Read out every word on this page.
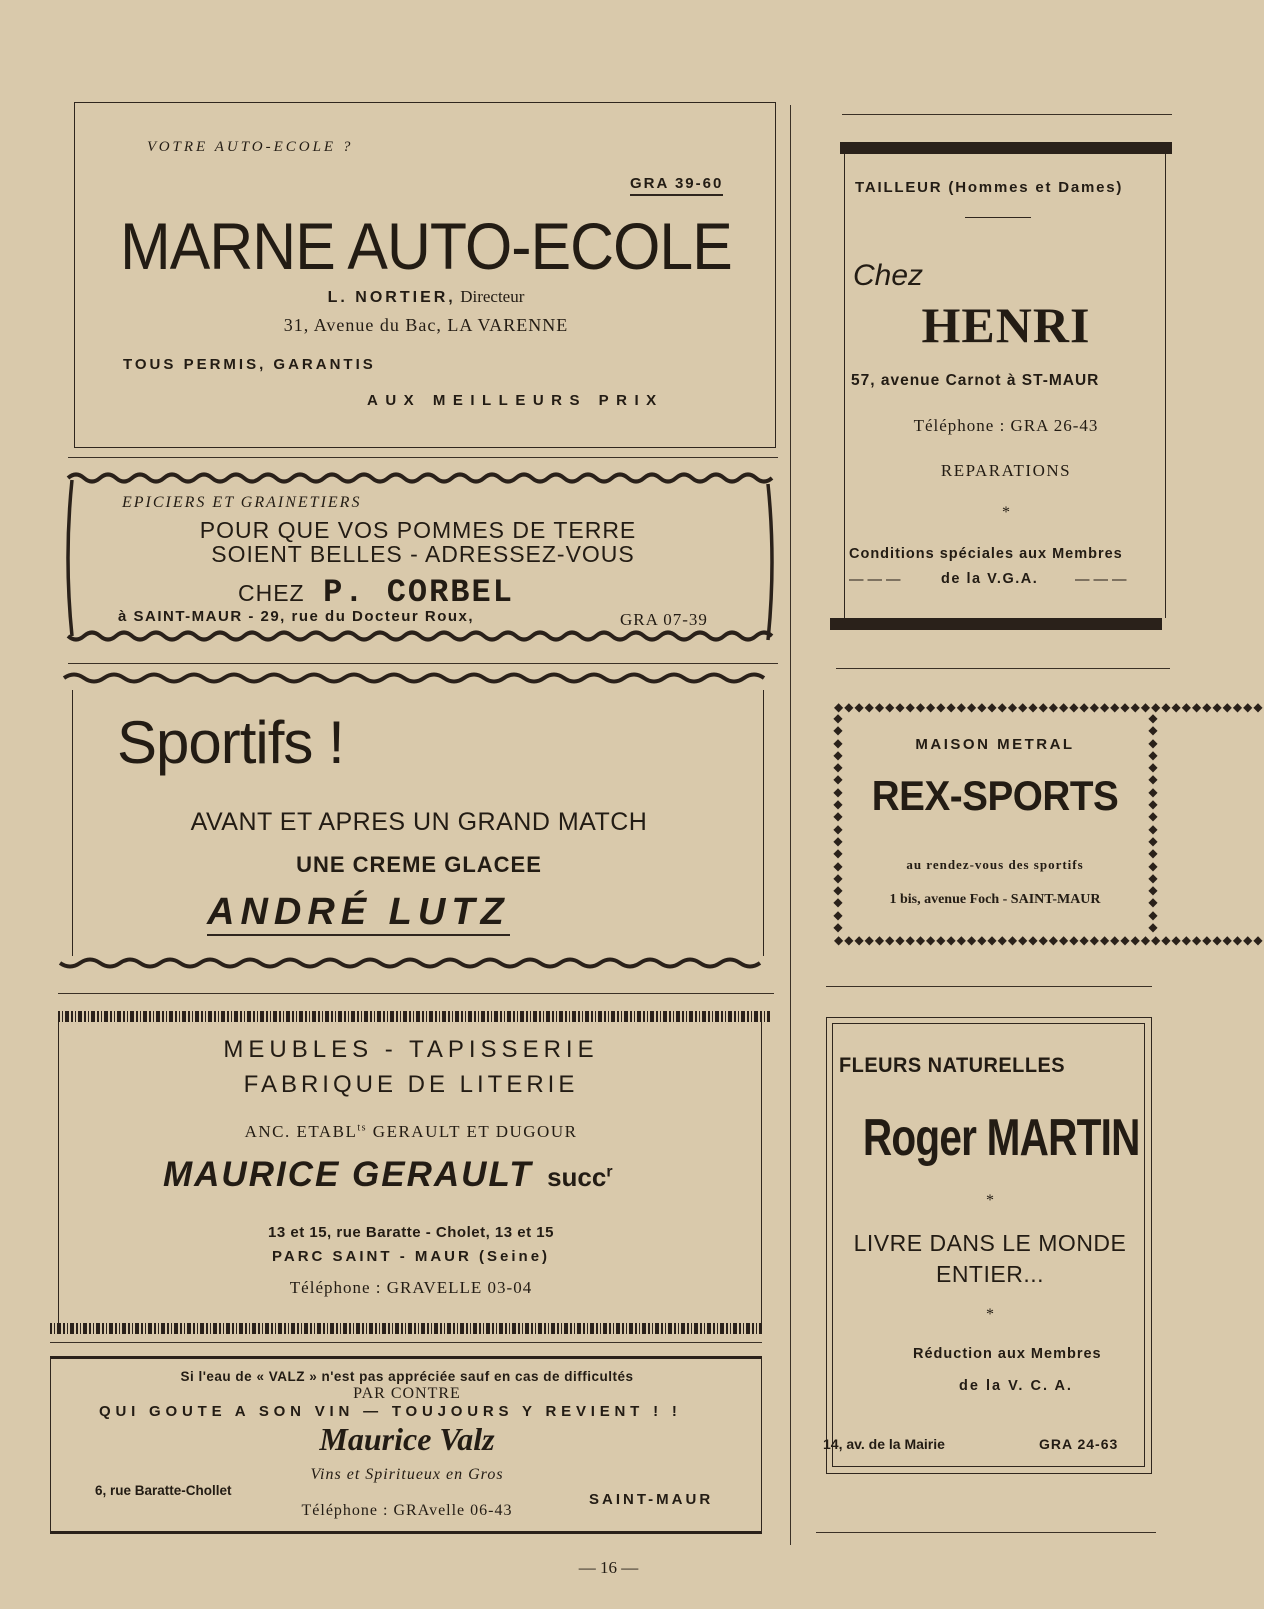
VOTRE AUTO-ECOLE ?
GRA 39-60
MARNE AUTO-ECOLE
L. NORTIER, Directeur
31, Avenue du Bac, LA VARENNE
TOUS PERMIS, GARANTIS
AUX MEILLEURS PRIX
EPICIERS ET GRAINETIERS
POUR QUE VOS POMMES DE TERRE
SOIENT BELLES - ADRESSEZ-VOUS
CHEZ P. CORBEL
à SAINT-MAUR - 29, rue du Docteur Roux,	GRA 07-39
Sportifs !
AVANT ET APRES UN GRAND MATCH
UNE CREME GLACEE
ANDRÉ LUTZ
MEUBLES - TAPISSERIE
FABRIQUE DE LITERIE
ANC. $ETABL^{ts}$ GERAULT ET DUGOUR
MAURICE GERAULT succ$^r$
13 et 15, rue Baratte - Cholet, 13 et 15
PARC SAINT - MAUR (Seine)
Téléphone : GRAVELLE 03-04
Si l'eau de « VALZ » n'est pas appréciée sauf en cas de difficultés
PAR CONTRE
QUI GOUTE A SON VIN — TOUJOURS Y REVIENT ! !
Maurice Valz
Vins et Spiritueux en Gros
6, rue Baratte-Chollet
SAINT-MAUR
Téléphone : GRAvelle 06-43
TAILLEUR (Hommes et Dames)
Chez
HENRI
57, avenue Carnot à ST-MAUR
Téléphone : GRA 26-43
REPARATIONS
*
Conditions spéciales aux Membres
— — —	de la V.G.A.	— — —
◆◆◆◆◆◆◆◆◆◆◆◆◆◆◆◆◆◆◆◆◆◆◆◆◆◆◆◆◆◆◆◆◆◆◆◆◆◆◆◆◆◆
◆
◆
◆
◆
◆
◆
◆
◆
◆
◆
◆
◆
◆
◆
◆
◆
◆
◆
◆
◆
◆
◆
◆
◆
◆
◆
◆
◆
◆
◆
◆
◆
◆
◆
◆
◆
◆◆◆◆◆◆◆◆◆◆◆◆◆◆◆◆◆◆◆◆◆◆◆◆◆◆◆◆◆◆◆◆◆◆◆◆◆◆◆◆◆◆
MAISON METRAL
REX-SPORTS
au rendez-vous des sportifs
1 bis, avenue Foch - SAINT-MAUR
FLEURS NATURELLES
Roger MARTIN
*
LIVRE DANS LE MONDE
ENTIER...
*
Réduction aux Membres
de la V. C. A.
14, av. de la Mairie	GRA 24-63
— 16 —
